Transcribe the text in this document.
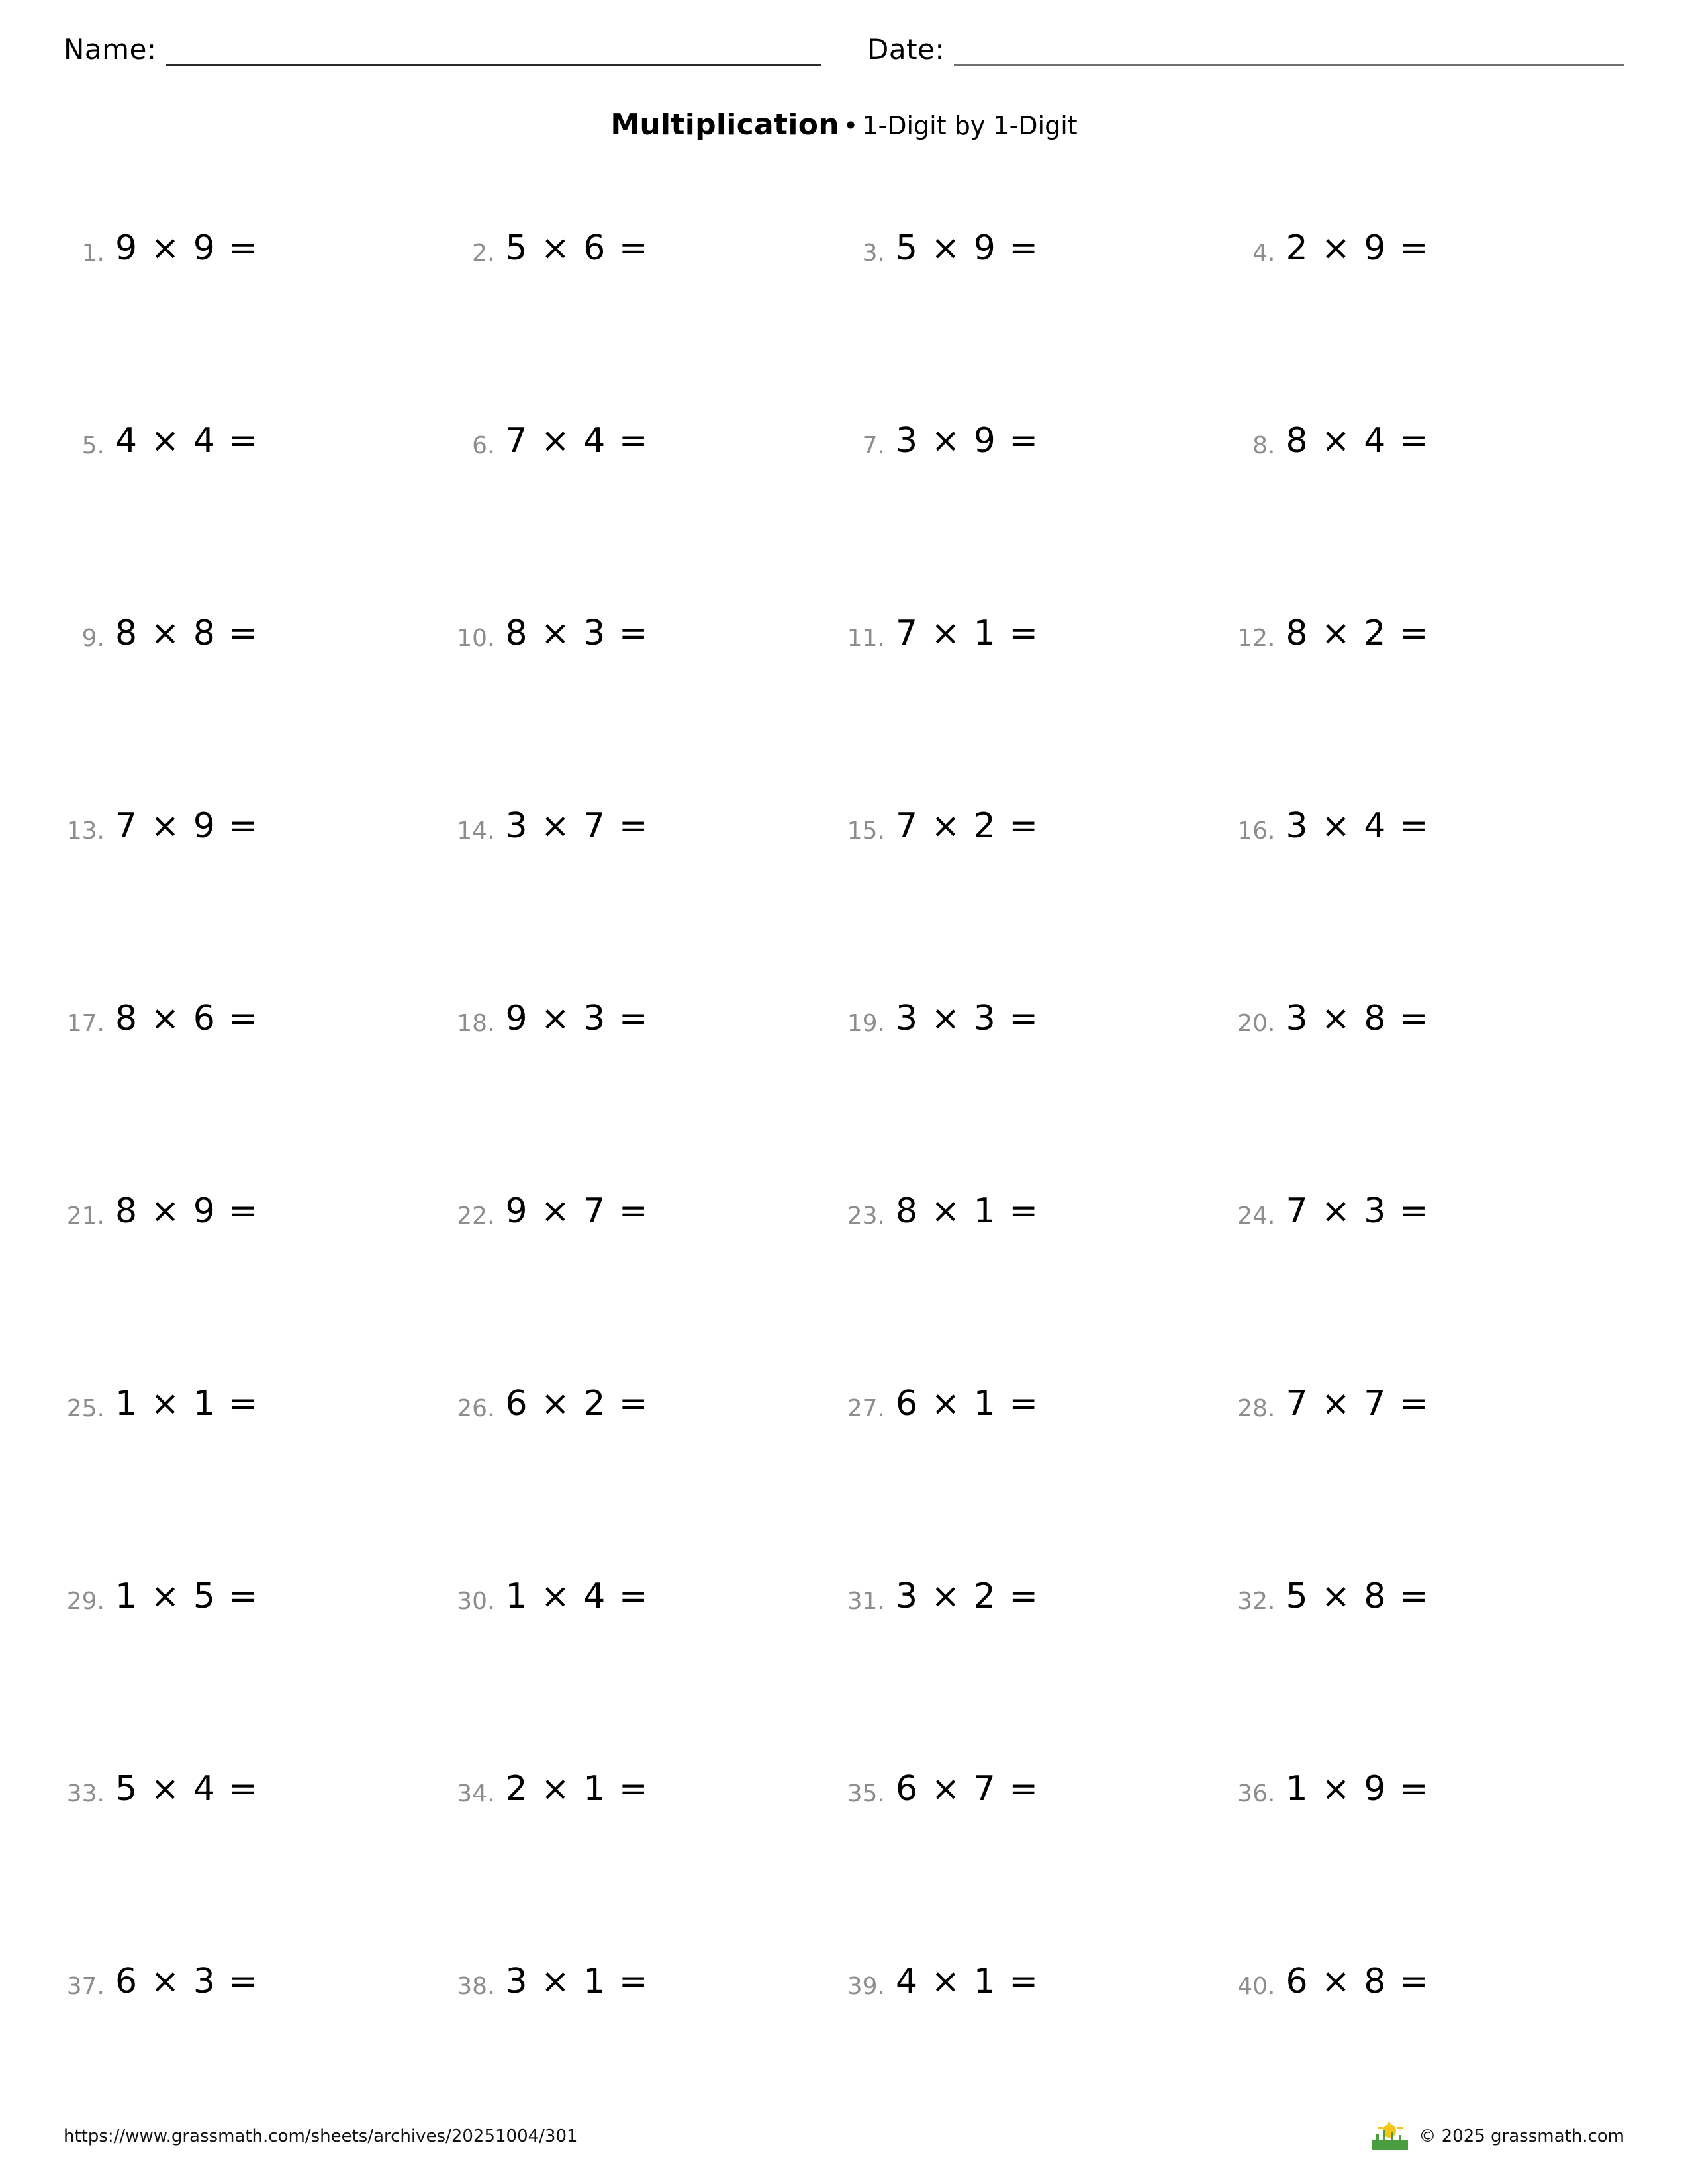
Name:	Date:
Multiplication • 1-Digit by 1-Digit
1. 9 × 9 =	2. 5 × 6 =	3. 5 × 9 =	4. 2 × 9 =
5. 4 × 4 =	6. 7 × 4 =	7. 3 × 9 =	8. 8 × 4 =
9. 8 × 8 =	10. 8 × 3 =	11. 7 × 1 =	12. 8 × 2 =
13. 7 × 9 =	14. 3 × 7 =	15. 7 × 2 =	16. 3 × 4 =
17. 8 × 6 =	18. 9 × 3 =	19. 3 × 3 =	20. 3 × 8 =
21. 8 × 9 =	22. 9 × 7 =	23. 8 × 1 =	24. 7 × 3 =
25. 1 × 1 =	26. 6 × 2 =	27. 6 × 1 =	28. 7 × 7 =
29. 1 × 5 =	30. 1 × 4 =	31. 3 × 2 =	32. 5 × 8 =
33. 5 × 4 =	34. 2 × 1 =	35. 6 × 7 =	36. 1 × 9 =
37. 6 × 3 =	38. 3 × 1 =	39. 4 × 1 =	40. 6 × 8 =
https://www.grassmath.com/sheets/archives/20251004/301	© 2025 grassmath.com
